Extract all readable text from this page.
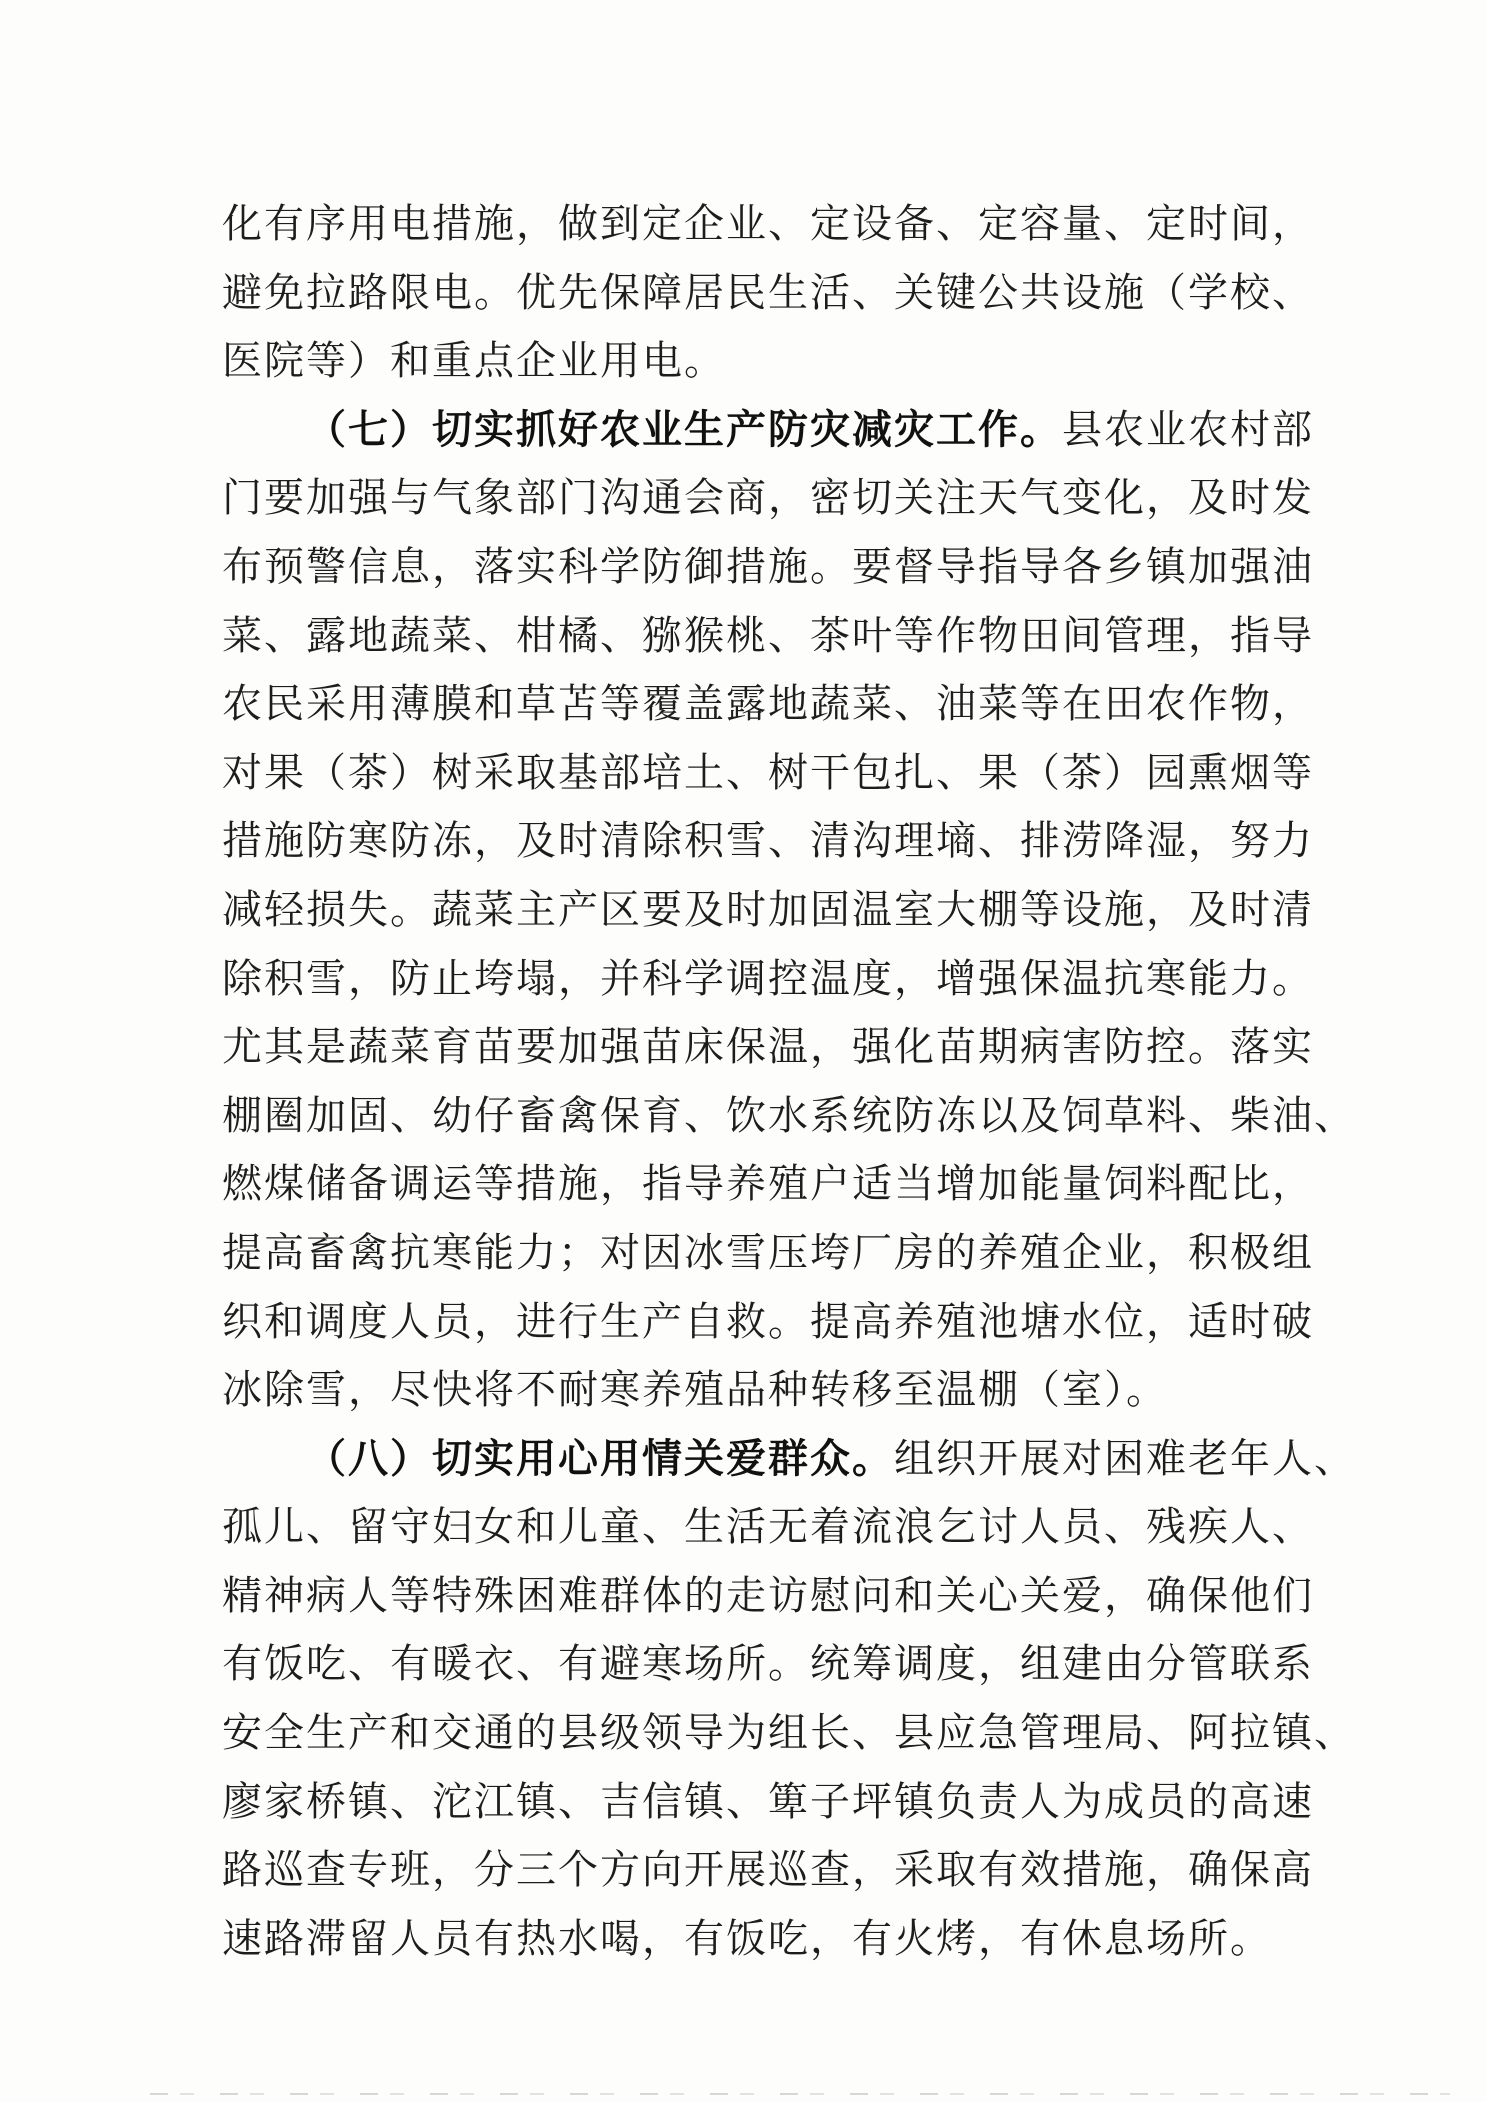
化有序用电措施，做到定企业、定设备、定容量、定时间，
避免拉路限电。优先保障居民生活、关键公共设施（学校、
医院等）和重点企业用电。
（七）切实抓好农业生产防灾减灾工作。县农业农村部
门要加强与气象部门沟通会商，密切关注天气变化，及时发
布预警信息，落实科学防御措施。要督导指导各乡镇加强油
菜、露地蔬菜、柑橘、猕猴桃、茶叶等作物田间管理，指导
农民采用薄膜和草苫等覆盖露地蔬菜、油菜等在田农作物，
对果（茶）树采取基部培土、树干包扎、果（茶）园熏烟等
措施防寒防冻，及时清除积雪、清沟理墒、排涝降湿，努力
减轻损失。蔬菜主产区要及时加固温室大棚等设施，及时清
除积雪，防止垮塌，并科学调控温度，增强保温抗寒能力。
尤其是蔬菜育苗要加强苗床保温，强化苗期病害防控。落实
棚圈加固、幼仔畜禽保育、饮水系统防冻以及饲草料、柴油、
燃煤储备调运等措施，指导养殖户适当增加能量饲料配比，
提高畜禽抗寒能力；对因冰雪压垮厂房的养殖企业，积极组
织和调度人员，进行生产自救。提高养殖池塘水位，适时破
冰除雪，尽快将不耐寒养殖品种转移至温棚（室）。
（八）切实用心用情关爱群众。组织开展对困难老年人、
孤儿、留守妇女和儿童、生活无着流浪乞讨人员、残疾人、
精神病人等特殊困难群体的走访慰问和关心关爱，确保他们
有饭吃、有暖衣、有避寒场所。统筹调度，组建由分管联系
安全生产和交通的县级领导为组长、县应急管理局、阿拉镇、
廖家桥镇、沱江镇、吉信镇、箄子坪镇负责人为成员的高速
路巡查专班，分三个方向开展巡查，采取有效措施，确保高
速路滞留人员有热水喝，有饭吃，有火烤，有休息场所。
